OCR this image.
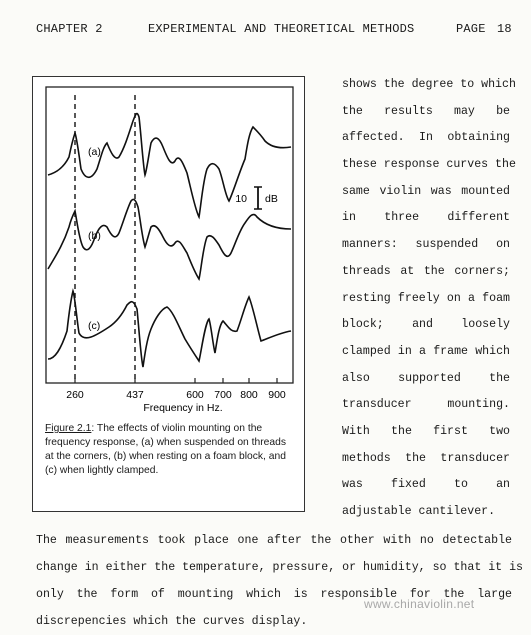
CHAPTER 2	EXPERIMENTAL AND THEORETICAL METHODS	PAGE 18
10 dB
(a)
(b)
(c)
260	437	600 700 800 900
Frequency in Hz.
Figure 2.1: The effects of violin mounting on the frequency response, (a) when suspended on threads at the corners, (b) when resting on a foam block, and (c) when lightly clamped.
shows the degree to which
the results may be
affected. In obtaining
these response curves the
same violin was mounted
in three different
manners: suspended on
threads at the corners;
resting freely on a foam
block; and loosely
clamped in a frame which
also supported the
transducer mounting.
With the first two
methods the transducer
was fixed to an
adjustable cantilever.
The measurements took place one after the other with no detectable
change in either the temperature, pressure, or humidity, so that it is
only the form of mounting which is responsible for the large
discrepencies which the curves display.
www.chinaviolin.net
